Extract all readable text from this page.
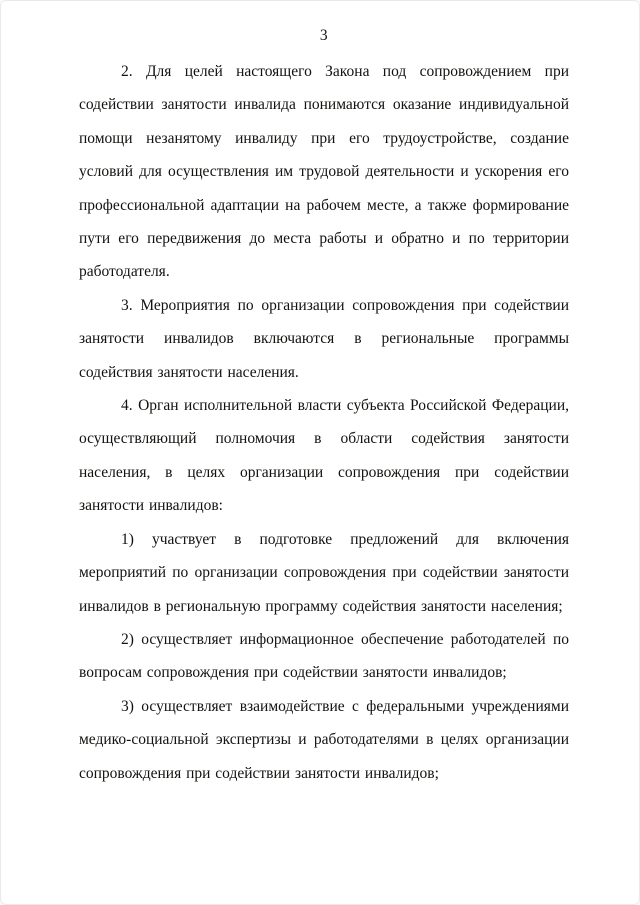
3

2. Для целей настоящего Закона под сопровождением при содействии занятости инвалида понимаются оказание индивидуальной помощи незанятому инвалиду при его трудоустройстве, создание условий для осуществления им трудовой деятельности и ускорения его профессиональной адаптации на рабочем месте, а также формирование пути его передвижения до места работы и обратно и по территории работодателя.

3. Мероприятия по организации сопровождения при содействии занятости инвалидов включаются в региональные программы содействия занятости населения.

4. Орган исполнительной власти субъекта Российской Федерации, осуществляющий полномочия в области содействия занятости населения, в целях организации сопровождения при содействии занятости инвалидов:

1) участвует в подготовке предложений для включения мероприятий по организации сопровождения при содействии занятости инвалидов в региональную программу содействия занятости населения;

2) осуществляет информационное обеспечение работодателей по вопросам сопровождения при содействии занятости инвалидов;

3) осуществляет взаимодействие с федеральными учреждениями медико-социальной экспертизы и работодателями в целях организации сопровождения при содействии занятости инвалидов;
